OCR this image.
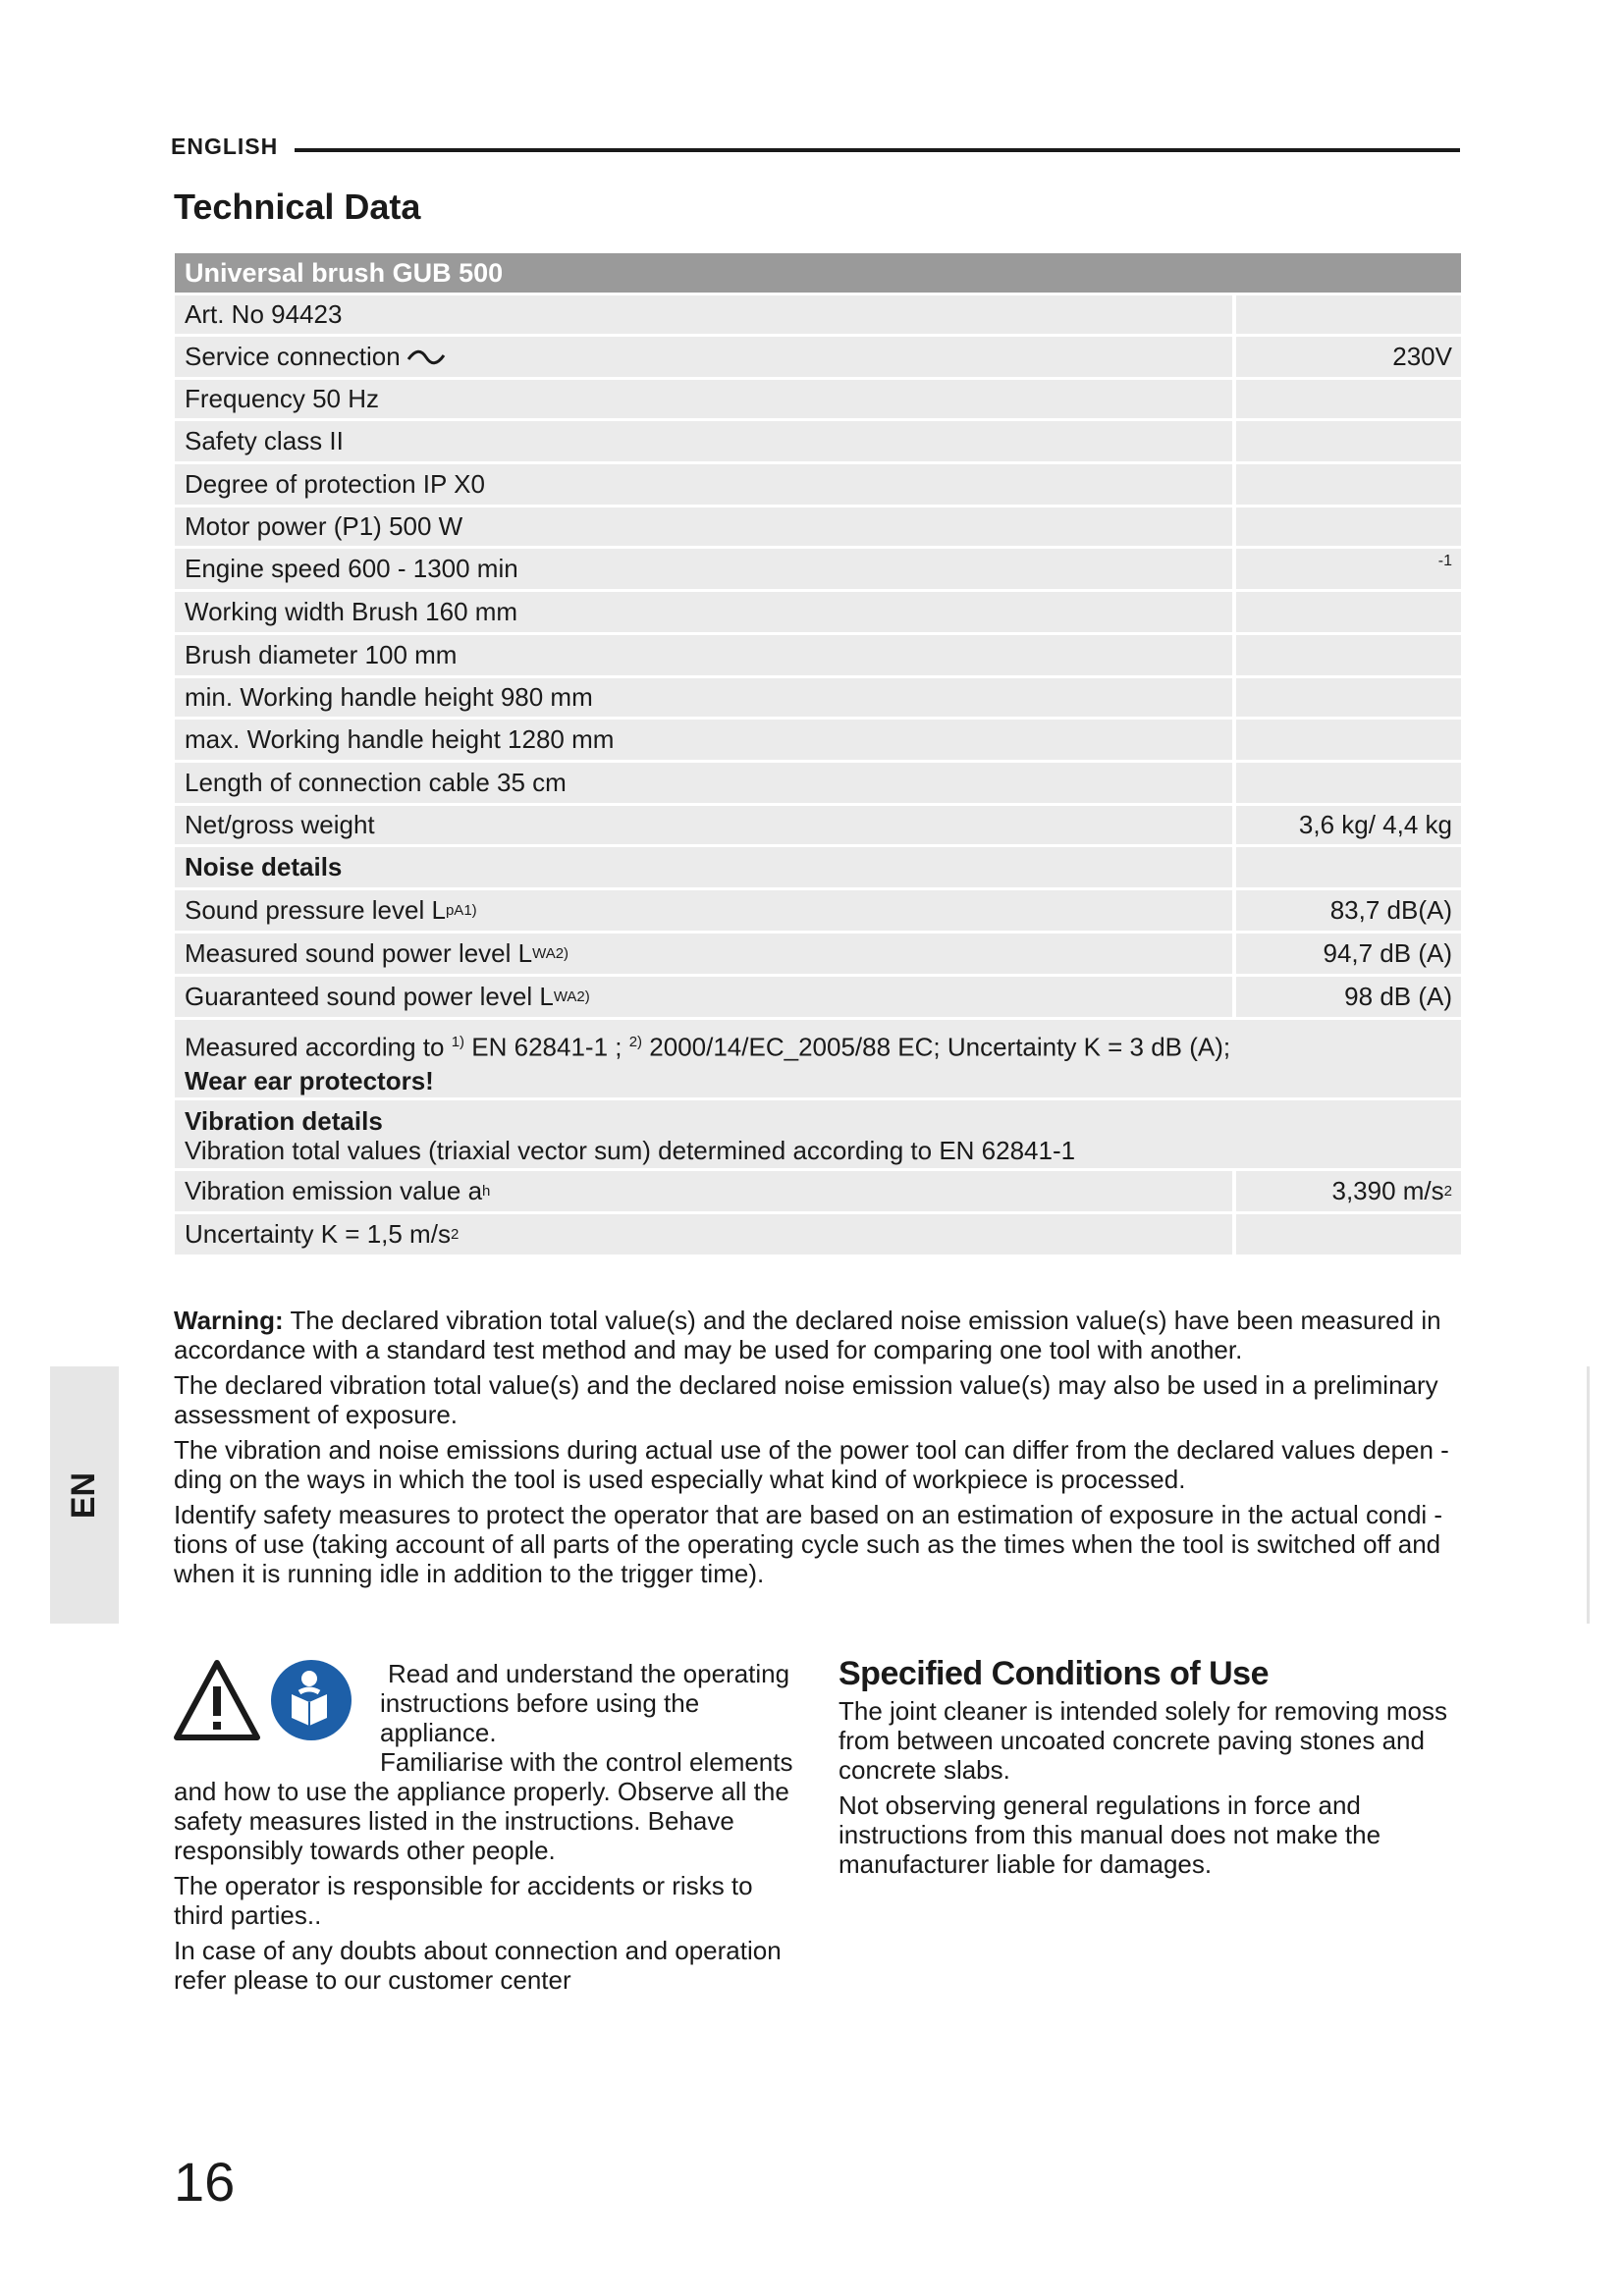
ENGLISH
Technical Data
Universal brush GUB 500
Art. No 94423
Service connection	230V
Frequency 50 Hz
Safety class II
Degree of protection IP X0
Motor power (P1) 500 W
Engine speed 600 - 1300 min	-1
Working width Brush 160 mm
Brush diameter 100 mm
min. Working handle height 980 mm
max. Working handle height 1280 mm
Length of connection cable 35 cm
Net/gross weight	3,6 kg/ 4,4 kg
Noise details
Sound pressure level L pA 1)	83,7 dB(A)
Measured sound power level L WA 2)	94,7 dB (A)
Guaranteed sound power level L WA 2)	98 dB (A)
Measured according to $^{1)}$ EN 62841-1 ; $^{2)}$ 2000/14/EC_2005/88 EC; Uncertainty K = 3 dB (A);
Wear ear protectors!
Vibration details
Vibration total values (triaxial vector sum) determined according to EN 62841-1
Vibration emission value a h	3,390 m/s 2
Uncertainty K = 1,5 m/s 2

Warning: The declared vibration total value(s) and the declared noise emission value(s) have been measured in accordance with a standard test method and may be used for comparing one tool with another.

The declared vibration total value(s) and the declared noise emission value(s) may also be used in a preliminary assessment of exposure.

The vibration and noise emissions during actual use of the power tool can differ from the declared values depen - ding on the ways in which the tool is used especially what kind of workpiece is processed.

Identify safety measures to protect the operator that are based on an estimation of exposure in the actual condi - tions of use (taking account of all parts of the operating cycle such as the times when the tool is switched off and when it is running idle in addition to the trigger time).

EN
Read and understand the operating
instructions before using the appliance.
Familiarise with the control elements

and how to use the appliance properly. Observe all the safety measures listed in the instructions. Behave responsibly towards other people.

The operator is responsible for accidents or risks to third parties..

In case of any doubts about connection and operation refer please to our customer center

Specified Conditions of Use

The joint cleaner is intended solely for removing moss from between uncoated concrete paving stones and concrete slabs.

Not observing general regulations in force and instructions from this manual does not make the manufacturer liable for damages.

16
